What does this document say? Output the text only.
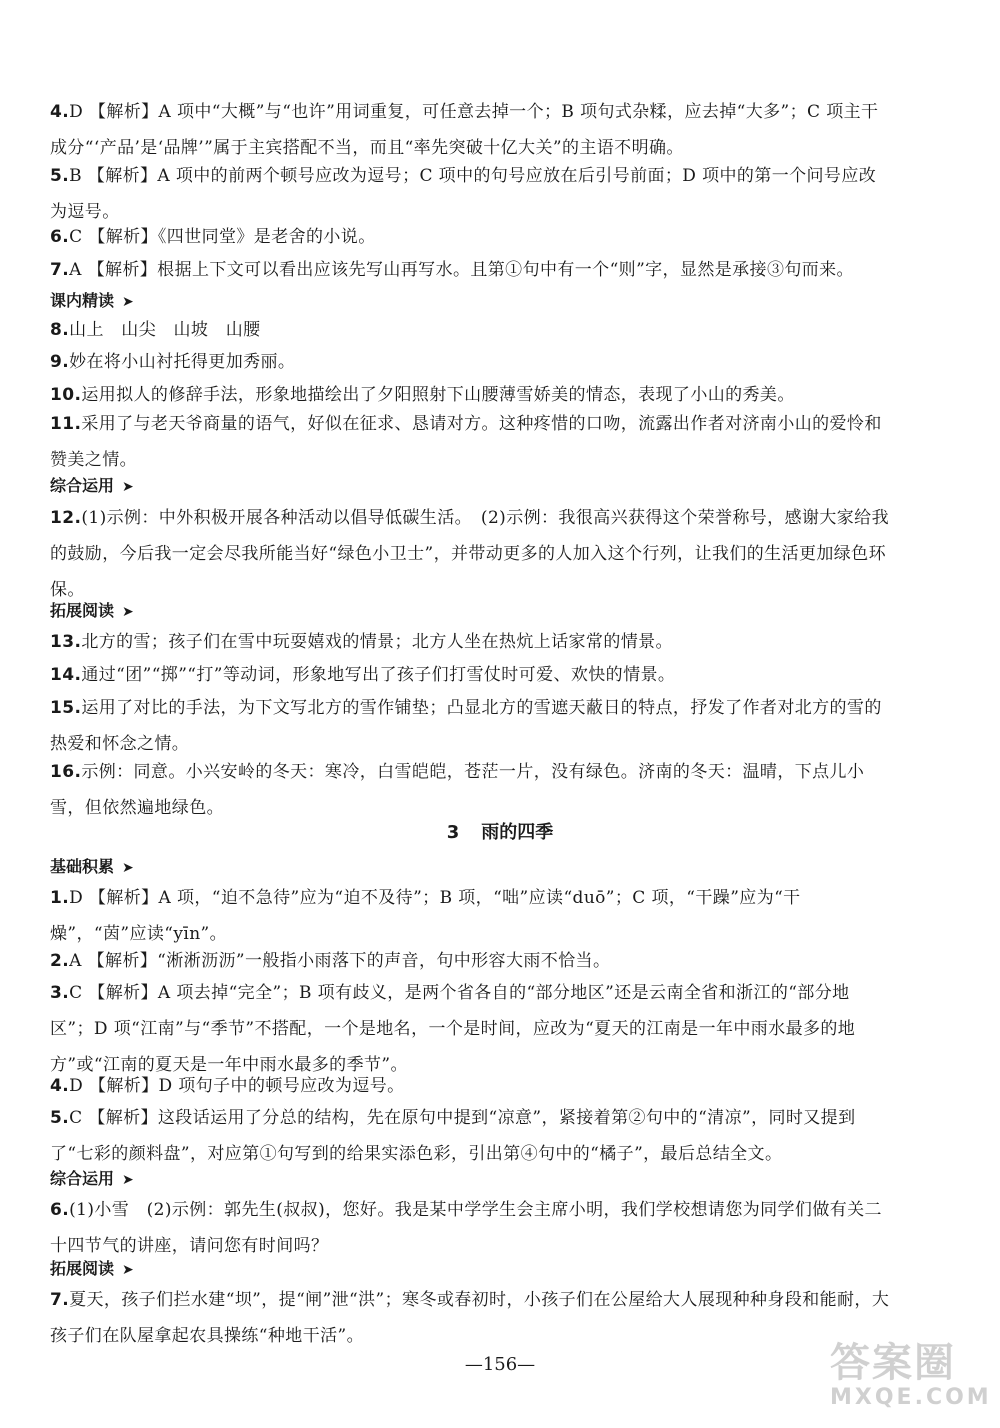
4.D 【解析】A 项中“大概”与“也许”用词重复，可任意去掉一个；B 项句式杂糅，应去掉“大多”；C 项主干成分“‘产品’是‘品牌’”属于主宾搭配不当，而且“率先突破十亿大关”的主语不明确。
5.B 【解析】A 项中的前两个顿号应改为逗号；C 项中的句号应放在后引号前面；D 项中的第一个问号应改为逗号。
6.C 【解析】《四世同堂》是老舍的小说。
7.A 【解析】根据上下文可以看出应该先写山再写水。且第①句中有一个“则”字，显然是承接③句而来。
课内精读 ➤
8.山上　山尖　山坡　山腰
9.妙在将小山衬托得更加秀丽。
10.运用拟人的修辞手法，形象地描绘出了夕阳照射下山腰薄雪娇美的情态，表现了小山的秀美。
11.采用了与老天爷商量的语气，好似在征求、恳请对方。这种疼惜的口吻，流露出作者对济南小山的爱怜和赞美之情。
综合运用 ➤
12.(1)示例：中外积极开展各种活动以倡导低碳生活。　(2)示例：我很高兴获得这个荣誉称号，感谢大家给我的鼓励，今后我一定会尽我所能当好“绿色小卫士”，并带动更多的人加入这个行列，让我们的生活更加绿色环保。
拓展阅读 ➤
13.北方的雪；孩子们在雪中玩耍嬉戏的情景；北方人坐在热炕上话家常的情景。
14.通过“团”“掷”“打”等动词，形象地写出了孩子们打雪仗时可爱、欢快的情景。
15.运用了对比的手法，为下文写北方的雪作铺垫；凸显北方的雪遮天蔽日的特点，抒发了作者对北方的雪的热爱和怀念之情。
16.示例：同意。小兴安岭的冬天：寒冷，白雪皑皑，苍茫一片，没有绿色。济南的冬天：温晴，下点儿小雪，但依然遍地绿色。
3 雨的四季
基础积累 ➤
1.D 【解析】A 项，“迫不急待”应为“迫不及待”；B 项，“咄”应读“duō”；C 项，“干躁”应为“干燥”，“茵”应读“yīn”。
2.A 【解析】“淅淅沥沥”一般指小雨落下的声音，句中形容大雨不恰当。
3.C 【解析】A 项去掉“完全”；B 项有歧义，是两个省各自的“部分地区”还是云南全省和浙江的“部分地区”；D 项“江南”与“季节”不搭配，一个是地名，一个是时间，应改为“夏天的江南是一年中雨水最多的地方”或“江南的夏天是一年中雨水最多的季节”。
4.D 【解析】D 项句子中的顿号应改为逗号。
5.C 【解析】这段话运用了分总的结构，先在原句中提到“凉意”，紧接着第②句中的“清凉”，同时又提到了“七彩的颜料盘”，对应第①句写到的给果实添色彩，引出第④句中的“橘子”，最后总结全文。
综合运用 ➤
6.(1)小雪　(2)示例：郭先生(叔叔)，您好。我是某中学学生会主席小明，我们学校想请您为同学们做有关二十四节气的讲座，请问您有时间吗？
拓展阅读 ➤
7.夏天，孩子们拦水建“坝”，提“闸”泄“洪”；寒冬或春初时，小孩子们在公屋给大人展现种种身段和能耐，大孩子们在队屋拿起农具操练“种地干活”。
—156—	答案圈
MXQE.COM
